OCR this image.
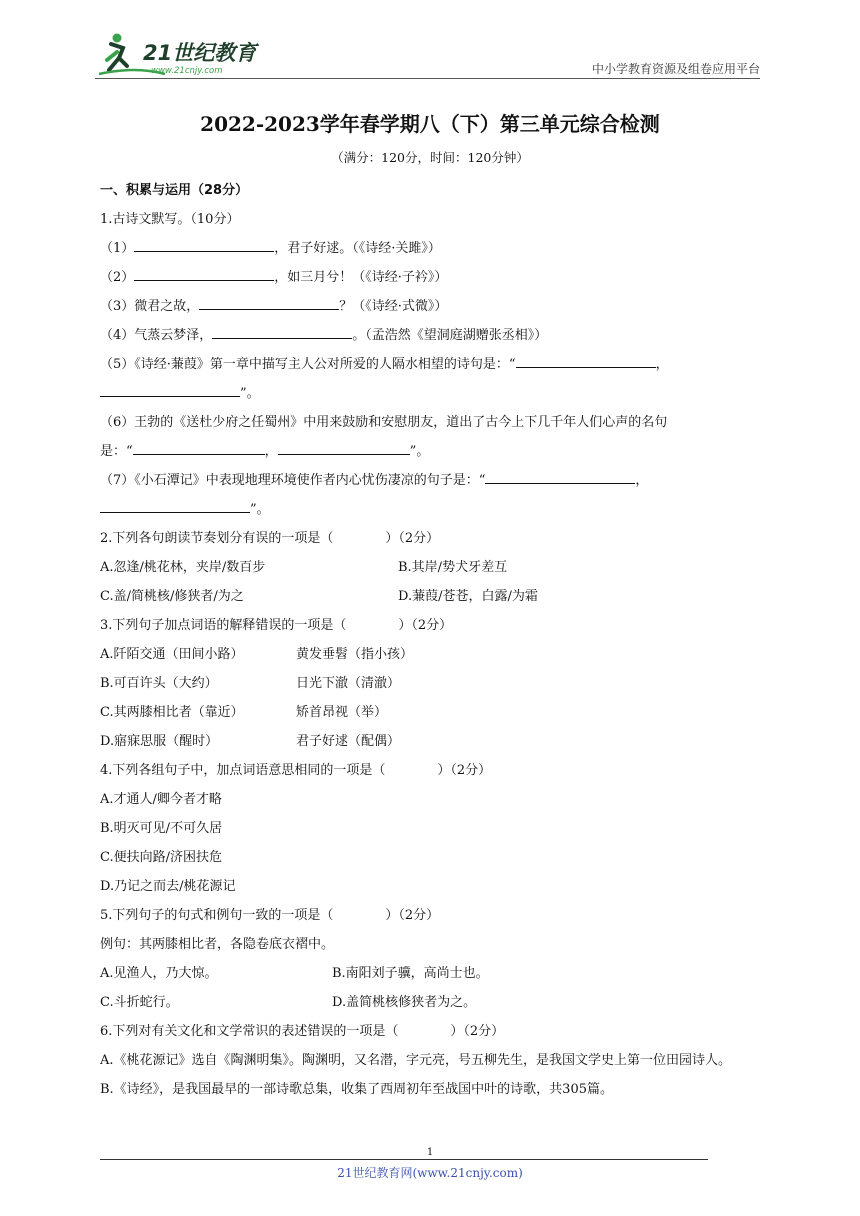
21世纪教育
www.21cnjy.com	中小学教育资源及组卷应用平台
2022-2023学年春学期八（下）第三单元综合检测
（满分：120分，时间：120分钟）
一、积累与运用（28分）
1.古诗文默写。（10分）
（1）	，君子好逑。（《诗经·关雎》）
（2）	，如三月兮！（《诗经·子衿》）
（3）微君之故，	？（《诗经·式微》）
（4）气蒸云梦泽，	。（孟浩然《望洞庭湖赠张丞相》）
（5）《诗经·蒹葭》第一章中描写主人公对所爱的人隔水相望的诗句是：“	，
”。
（6）王勃的《送杜少府之任蜀州》中用来鼓励和安慰朋友，道出了古今上下几千年人们心声的名句
是：“	，	”。
（7）《小石潭记》中表现地理环境使作者内心忧伤凄凉的句子是：“	，
”。
2.下列各句朗读节奏划分有误的一项是（　　　　）（2分）
A.忽逢/桃花林，夹岸/数百步	B.其岸/势犬牙差互
C.盖/简桃核/修狭者/为之	D.蒹葭/苍苍，白露/为霜
3.下列句子加点词语的解释错误的一项是（　　　　）（2分）
A.阡陌交通（田间小路）	黄发垂髫（指小孩）
B.可百许头（大约）	日光下澈（清澈）
C.其两膝相比者（靠近）	矫首昂视（举）
D.寤寐思服（醒时）	君子好逑（配偶）
4.下列各组句子中，加点词语意思相同的一项是（　　　　）（2分）
A.才通人/卿今者才略
B.明灭可见/不可久居
C.便扶向路/济困扶危
D.乃记之而去/桃花源记
5.下列句子的句式和例句一致的一项是（　　　　）（2分）
例句：其两膝相比者，各隐卷底衣褶中。
A.见渔人，乃大惊。	B.南阳刘子骥，高尚士也。
C.斗折蛇行。	D.盖简桃核修狭者为之。
6.下列对有关文化和文学常识的表述错误的一项是（　　　　）（2分）
A.《桃花源记》选自《陶渊明集》。陶渊明，又名潜，字元亮，号五柳先生，是我国文学史上第一位田园诗人。
B.《诗经》，是我国最早的一部诗歌总集，收集了西周初年至战国中叶的诗歌，共305篇。
1
21世纪教育网(www.21cnjy.com)
